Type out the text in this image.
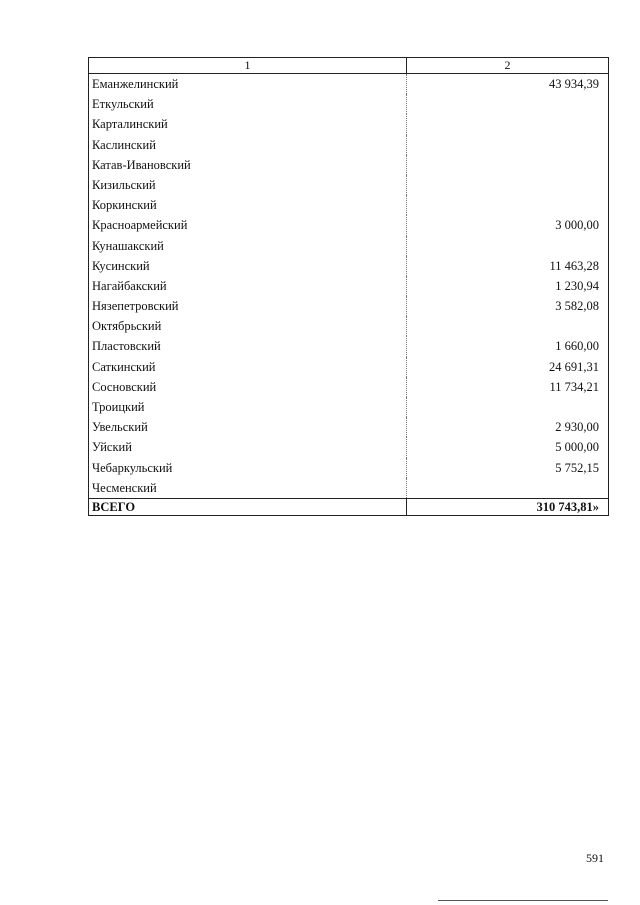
1	2
Еманжелинский	43 934,39
Еткульский
Карталинский
Каслинский
Катав-Ивановский
Кизильский
Коркинский
Красноармейский	3 000,00
Кунашакский
Кусинский	11 463,28
Нагайбакский	1 230,94
Нязепетровский	3 582,08
Октябрьский
Пластовский	1 660,00
Саткинский	24 691,31
Сосновский	11 734,21
Троицкий
Увельский	2 930,00
Уйский	5 000,00
Чебаркульский	5 752,15
Чесменский
ВСЕГО	310 743,81»
591
